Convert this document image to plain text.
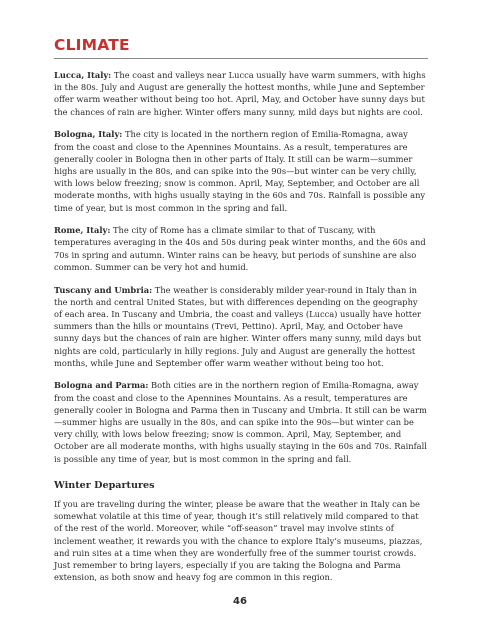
CLIMATE

Lucca, Italy: The coast and valleys near Lucca usually have warm summers, with highs in the 80s. July and August are generally the hottest months, while June and September offer warm weather without being too hot. April, May, and October have sunny days but the chances of rain are higher. Winter offers many sunny, mild days but nights are cool.

Bologna, Italy: The city is located in the northern region of Emilia-Romagna, away from the coast and close to the Apennines Mountains. As a result, temperatures are generally cooler in Bologna then in other parts of Italy. It still can be warm—summer highs are usually in the 80s, and can spike into the 90s—but winter can be very chilly, with lows below freezing; snow is common. April, May, September, and October are all moderate months, with highs usually staying in the 60s and 70s. Rainfall is possible any time of year, but is most common in the spring and fall.

Rome, Italy: The city of Rome has a climate similar to that of Tuscany, with temperatures averaging in the 40s and 50s during peak winter months, and the 60s and 70s in spring and autumn. Winter rains can be heavy, but periods of sunshine are also common. Summer can be very hot and humid.

Tuscany and Umbria: The weather is considerably milder year-round in Italy than in the north and central United States, but with differences depending on the geography of each area. In Tuscany and Umbria, the coast and valleys (Lucca) usually have hotter summers than the hills or mountains (Trevi, Pettino). April, May, and October have sunny days but the chances of rain are higher. Winter offers many sunny, mild days but nights are cold, particularly in hilly regions. July and August are generally the hottest months, while June and September offer warm weather without being too hot.

Bologna and Parma: Both cities are in the northern region of Emilia-Romagna, away from the coast and close to the Apennines Mountains. As a result, temperatures are generally cooler in Bologna and Parma then in Tuscany and Umbria. It still can be warm—summer highs are usually in the 80s, and can spike into the 90s—but winter can be very chilly, with lows below freezing; snow is common. April, May, September, and October are all moderate months, with highs usually staying in the 60s and 70s. Rainfall is possible any time of year, but is most common in the spring and fall.

Winter Departures

If you are traveling during the winter, please be aware that the weather in Italy can be somewhat volatile at this time of year, though it’s still relatively mild compared to that of the rest of the world. Moreover, while “off-season” travel may involve stints of inclement weather, it rewards you with the chance to explore Italy’s museums, piazzas, and ruin sites at a time when they are wonderfully free of the summer tourist crowds. Just remember to bring layers, especially if you are taking the Bologna and Parma extension, as both snow and heavy fog are common in this region.

46
